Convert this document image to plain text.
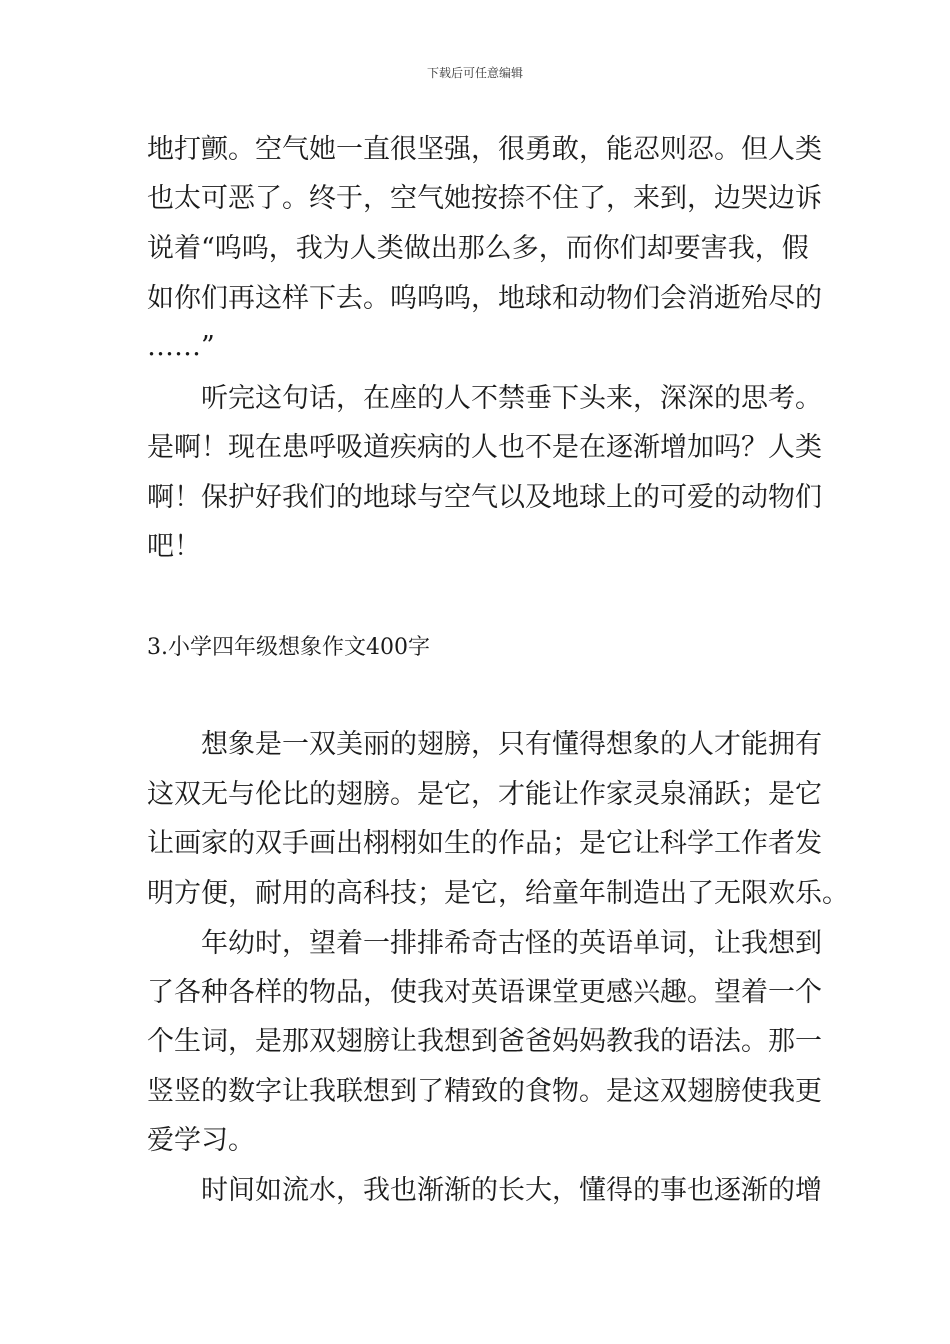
下载后可任意编辑
地打颤。空气她一直很坚强，很勇敢，能忍则忍。但人类
也太可恶了。终于，空气她按捺不住了，来到，边哭边诉
说着“呜呜，我为人类做出那么多，而你们却要害我，假
如你们再这样下去。呜呜呜，地球和动物们会消逝殆尽的
……”
　　听完这句话，在座的人不禁垂下头来，深深的思考。
是啊！现在患呼吸道疾病的人也不是在逐渐增加吗？人类
啊！保护好我们的地球与空气以及地球上的可爱的动物们
吧！
3.小学四年级想象作文400字
　　想象是一双美丽的翅膀，只有懂得想象的人才能拥有
这双无与伦比的翅膀。是它，才能让作家灵泉涌跃；是它
让画家的双手画出栩栩如生的作品；是它让科学工作者发
明方便，耐用的高科技；是它，给童年制造出了无限欢乐。
　　年幼时，望着一排排希奇古怪的英语单词，让我想到
了各种各样的物品，使我对英语课堂更感兴趣。望着一个
个生词，是那双翅膀让我想到爸爸妈妈教我的语法。那一
竖竖的数字让我联想到了精致的食物。是这双翅膀使我更
爱学习。
　　时间如流水，我也渐渐的长大，懂得的事也逐渐的增
